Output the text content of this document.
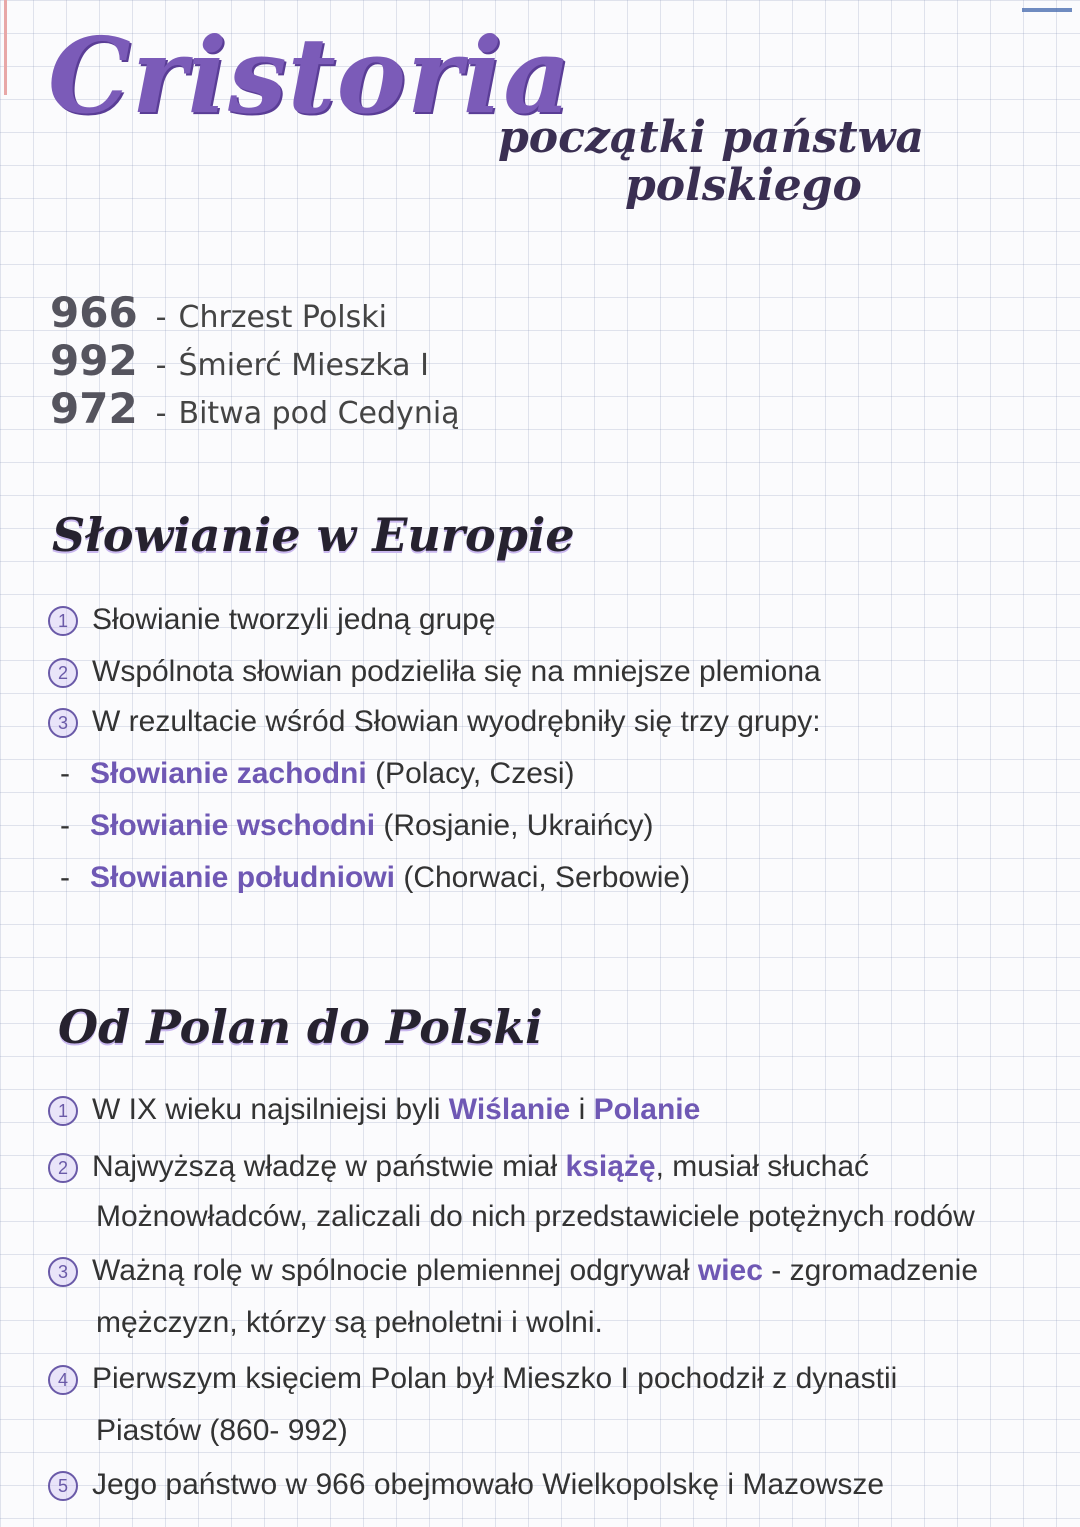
Cristoria
początki państwa
polskiego
966 - Chrzest Polski
992 - Śmierć Mieszka I
972 - Bitwa pod Cedynią
Słowianie w Europie
1 Słowianie tworzyli jedną grupę
2 Wspólnota słowian podzieliła się na mniejsze plemiona
3 W rezultacie wśród Słowian wyodrębniły się trzy grupy:
- Słowianie zachodni (Polacy, Czesi)
- Słowianie wschodni (Rosjanie, Ukraińcy)
- Słowianie południowi (Chorwaci, Serbowie)
Od Polan do Polski
1 W IX wieku najsilniejsi byli Wiślanie i Polanie
2 Najwyższą władzę w państwie miał książę, musiał słuchać
Możnowładców, zaliczali do nich przedstawiciele potężnych rodów
3 Ważną rolę w spólnocie plemiennej odgrywał wiec - zgromadzenie
mężczyzn, którzy są pełnoletni i wolni.
4 Pierwszym księciem Polan był Mieszko I pochodził z dynastii
Piastów (860- 992)
5 Jego państwo w 966 obejmowało Wielkopolskę i Mazowsze
